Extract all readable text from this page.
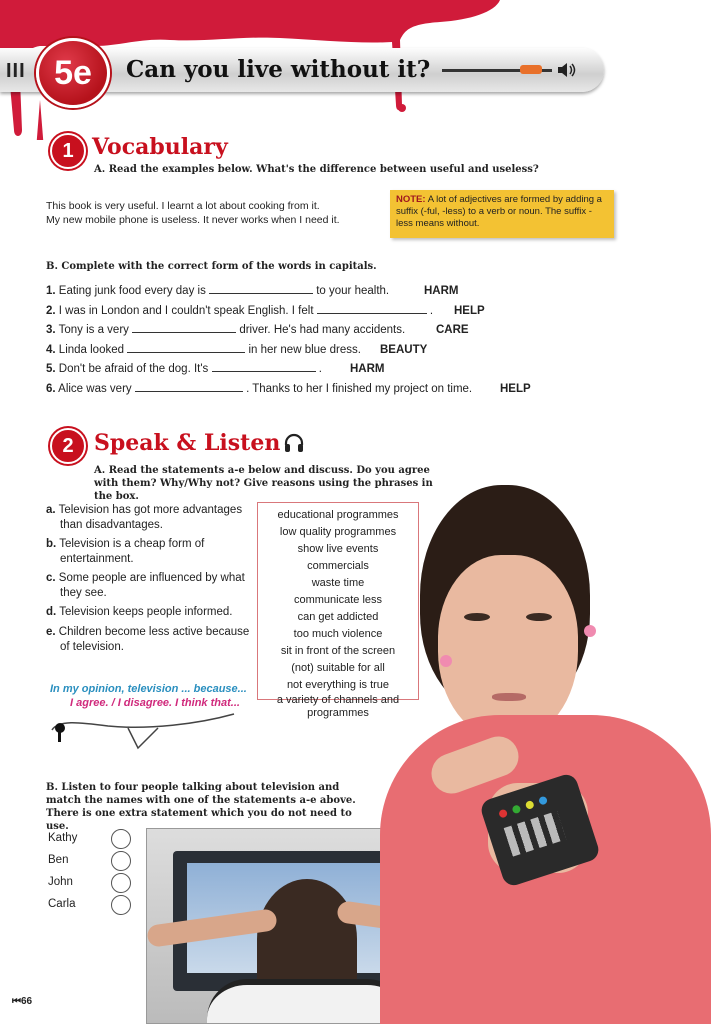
III 5e	Can you live without it?
1 Vocabulary
A. Read the examples below. What's the difference between useful and useless?
This book is very useful. I learnt a lot about cooking from it.
My new mobile phone is useless. It never works when I need it.
NOTE: A lot of adjectives are formed by adding a suffix (-ful, -less) to a verb or noun. The suffix -less means without.
B. Complete with the correct form of the words in capitals.
1. Eating junk food every day is	to your health.	HARM
2. I was in London and I couldn't speak English. I felt	. HELP
3. Tony is a very	driver. He's had many accidents.	CARE
4. Linda looked	in her new blue dress. BEAUTY
5. Don't be afraid of the dog. It's	. HARM
6. Alice was very	. Thanks to her I finished my project on time. HELP
2 Speak & Listen
A. Read the statements a-e below and discuss. Do you agree with them? Why/Why not? Give reasons using the phrases in the box.
a. Television has got more advantages than disadvantages.
b. Television is a cheap form of entertainment.
c. Some people are influenced by what they see.
d. Television keeps people informed.
e. Children become less active because of television.
educational programmes
low quality programmes
show live events
commercials
waste time
communicate less
can get addicted
too much violence
sit in front of the screen
(not) suitable for all
not everything is true
a variety of channels and programmes
In my opinion, television ... because...
I agree. / I disagree. I think that...
B. Listen to four people talking about television and match the names with one of the statements a-e above. There is one extra statement which you do not need to use.
Kathy
Ben
John
Carla
⏮66
